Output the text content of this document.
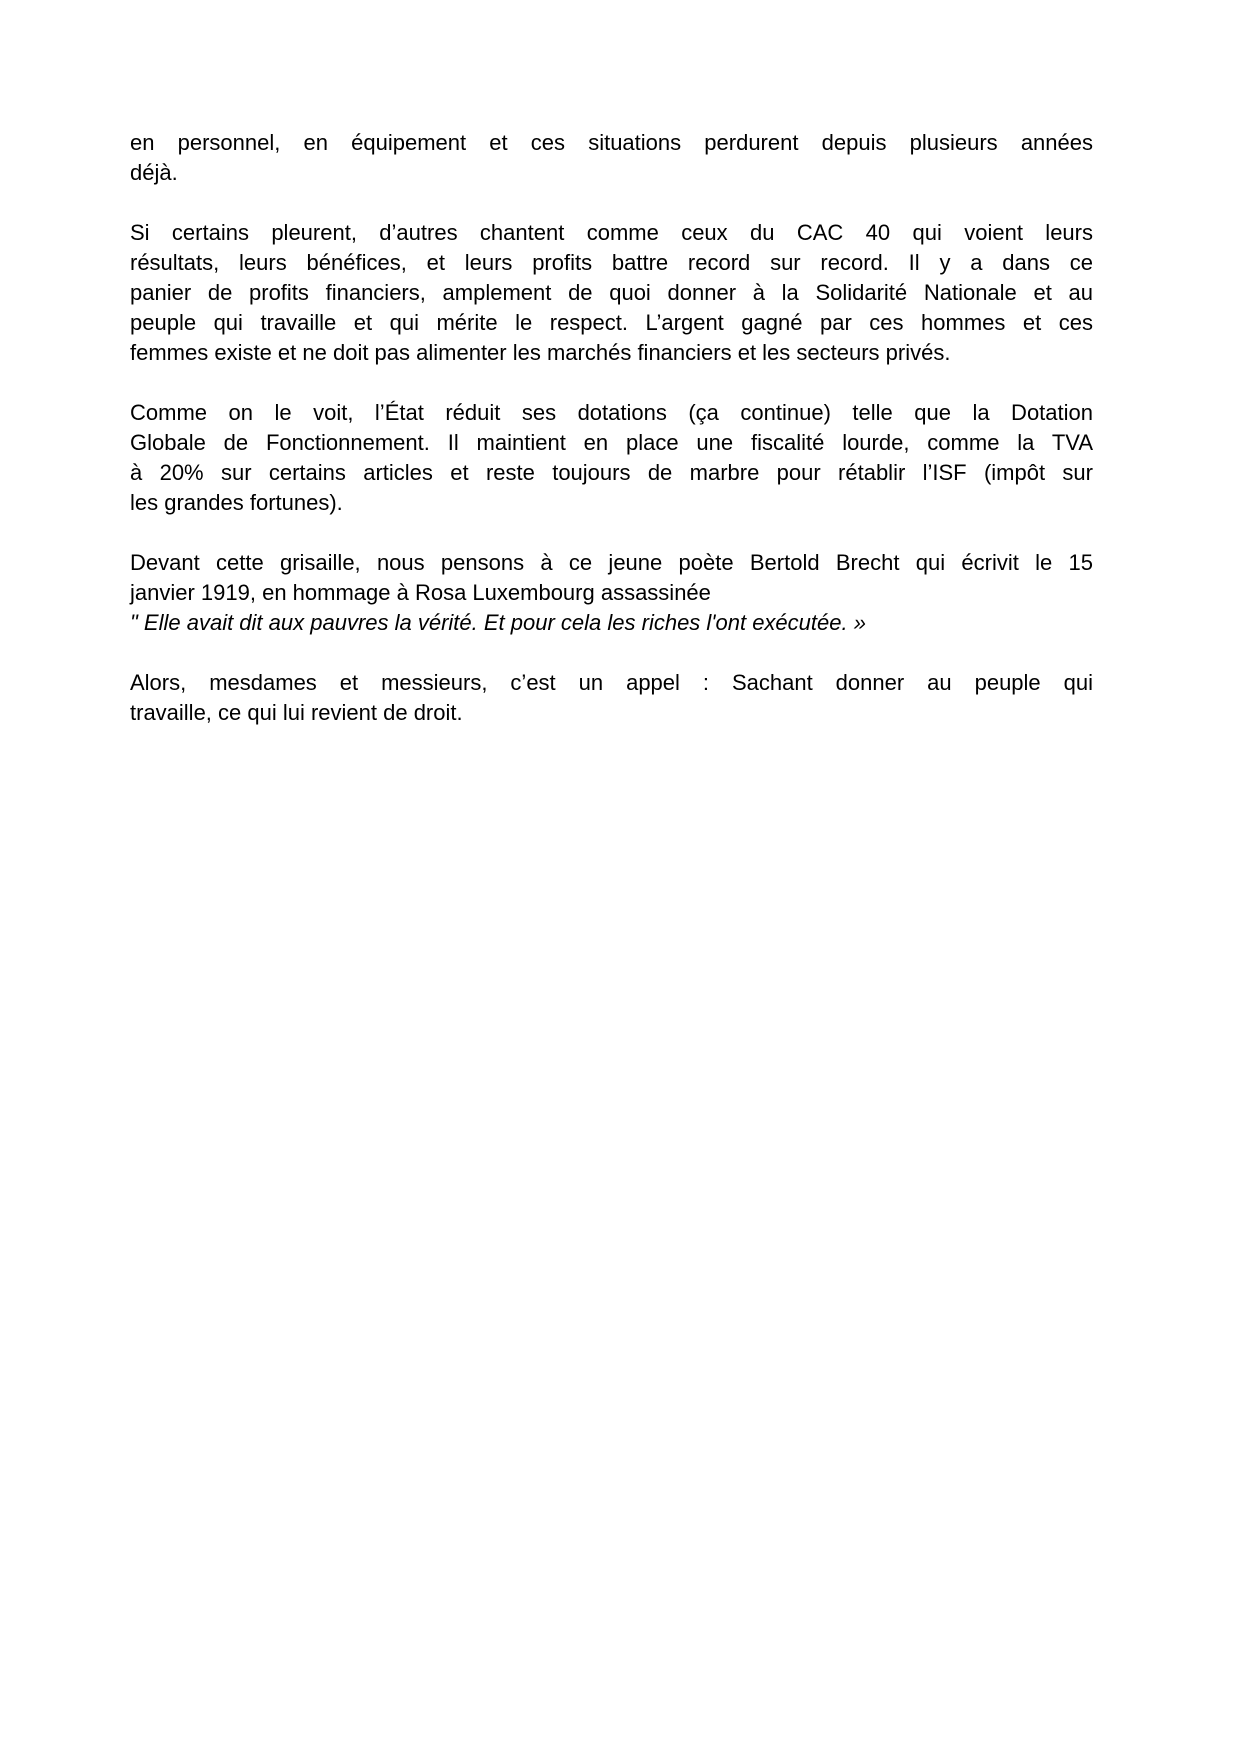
en personnel, en équipement et ces situations perdurent depuis plusieurs années
déjà.
Si certains pleurent, d’autres chantent comme ceux du CAC 40 qui voient leurs
résultats, leurs bénéfices, et leurs profits battre record sur record. Il y a dans ce
panier de profits financiers, amplement de quoi donner à la Solidarité Nationale et au
peuple qui travaille et qui mérite le respect. L’argent gagné par ces hommes et ces
femmes existe et ne doit pas alimenter les marchés financiers et les secteurs privés.
Comme on le voit, l’État réduit ses dotations (ça continue) telle que la Dotation
Globale de Fonctionnement. Il maintient en place une fiscalité lourde, comme la TVA
à 20% sur certains articles et reste toujours de marbre pour rétablir l’ISF (impôt sur
les grandes fortunes).
Devant cette grisaille, nous pensons à ce jeune poète Bertold Brecht qui écrivit le 15
janvier 1919, en hommage à Rosa Luxembourg assassinée
" Elle avait dit aux pauvres la vérité. Et pour cela les riches l'ont exécutée. »
Alors, mesdames et messieurs, c’est un appel : Sachant donner au peuple qui
travaille, ce qui lui revient de droit.
